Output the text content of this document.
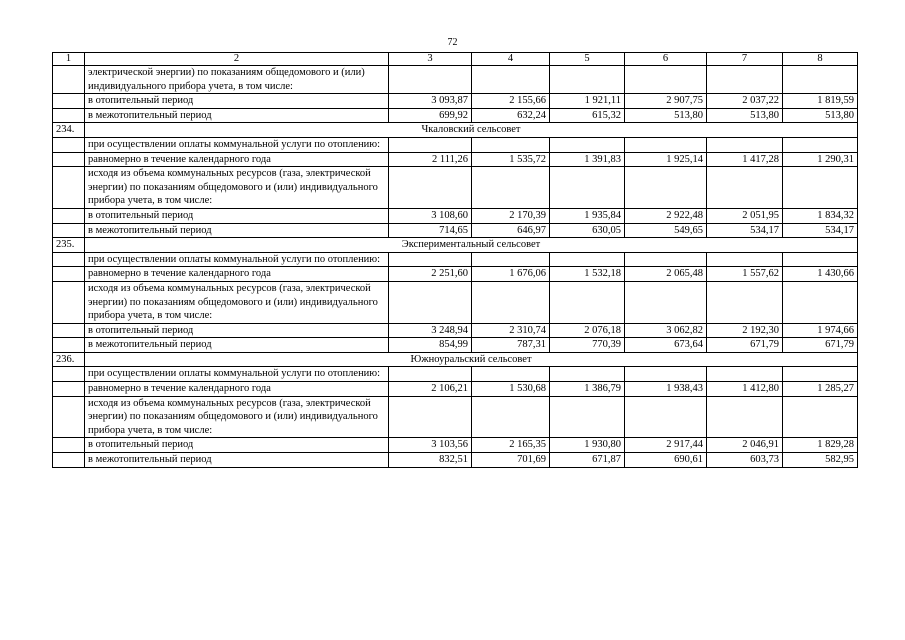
72
1	2	3	4	5	6	7	8
	электрической энергии) по показаниям общедомового и (или) индивидуального прибора учета, в том числе:						
	в отопительный период	3 093,87	2 155,66	1 921,11	2 907,75	2 037,22	1 819,59
	в межотопительный период	699,92	632,24	615,32	513,80	513,80	513,80
234.	Чкаловский сельсовет						
	при осуществлении оплаты коммунальной услуги по отоплению:						
	равномерно в течение календарного года	2 111,26	1 535,72	1 391,83	1 925,14	1 417,28	1 290,31
	исходя из объема коммунальных ресурсов (газа, электрической энергии) по показаниям общедомового и (или) индивидуального прибора учета, в том числе:						
	в отопительный период	3 108,60	2 170,39	1 935,84	2 922,48	2 051,95	1 834,32
	в межотопительный период	714,65	646,97	630,05	549,65	534,17	534,17
235.	Экспериментальный сельсовет						
	при осуществлении оплаты коммунальной услуги по отоплению:						
	равномерно в течение календарного года	2 251,60	1 676,06	1 532,18	2 065,48	1 557,62	1 430,66
	исходя из объема коммунальных ресурсов (газа, электрической энергии) по показаниям общедомового и (или) индивидуального прибора учета, в том числе:						
	в отопительный период	3 248,94	2 310,74	2 076,18	3 062,82	2 192,30	1 974,66
	в межотопительный период	854,99	787,31	770,39	673,64	671,79	671,79
236.	Южноуральский сельсовет						
	при осуществлении оплаты коммунальной услуги по отоплению:						
	равномерно в течение календарного года	2 106,21	1 530,68	1 386,79	1 938,43	1 412,80	1 285,27
	исходя из объема коммунальных ресурсов (газа, электрической энергии) по показаниям общедомового и (или) индивидуального прибора учета, в том числе:						
	в отопительный период	3 103,56	2 165,35	1 930,80	2 917,44	2 046,91	1 829,28
	в межотопительный период	832,51	701,69	671,87	690,61	603,73	582,95
